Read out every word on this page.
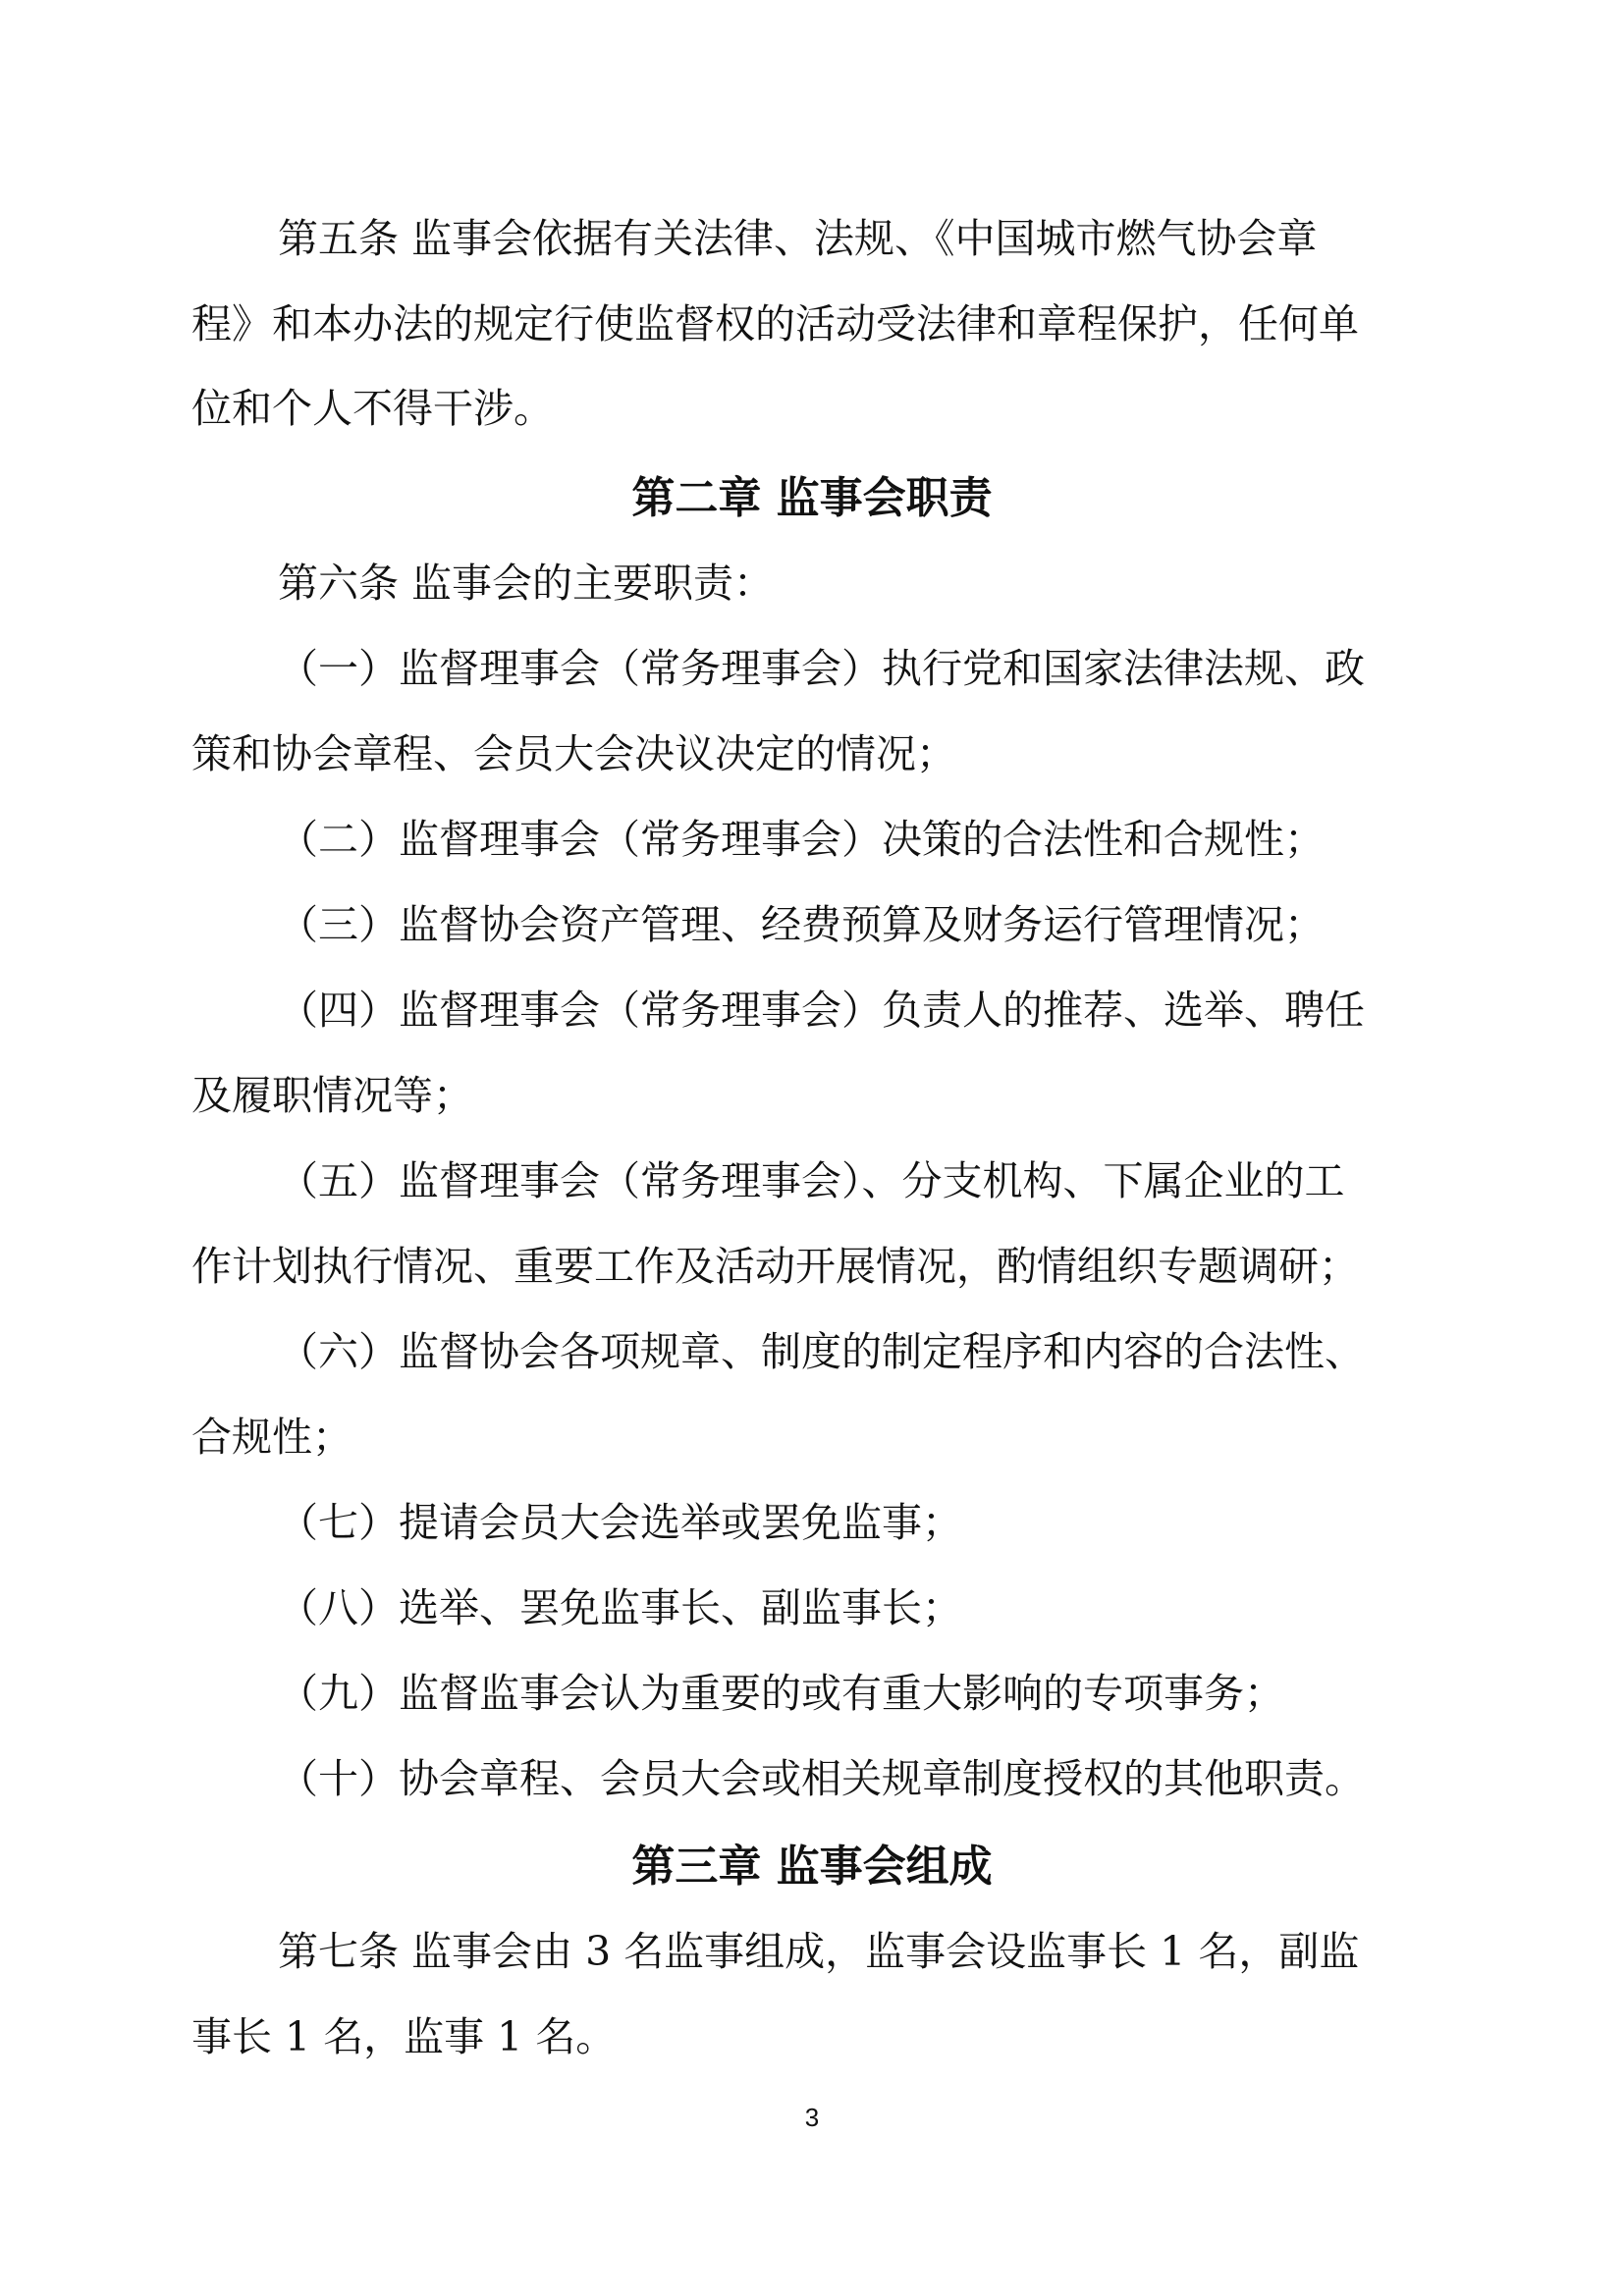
第五条 监事会依据有关法律、法规、《中国城市燃气协会章
程》和本办法的规定行使监督权的活动受法律和章程保护，任何单
位和个人不得干涉。
第二章 监事会职责
第六条 监事会的主要职责：
（一）监督理事会（常务理事会）执行党和国家法律法规、政
策和协会章程、会员大会决议决定的情况；
（二）监督理事会（常务理事会）决策的合法性和合规性；
（三）监督协会资产管理、经费预算及财务运行管理情况；
（四）监督理事会（常务理事会）负责人的推荐、选举、聘任
及履职情况等；
（五）监督理事会（常务理事会）、分支机构、下属企业的工
作计划执行情况、重要工作及活动开展情况，酌情组织专题调研；
（六）监督协会各项规章、制度的制定程序和内容的合法性、
合规性；
（七）提请会员大会选举或罢免监事；
（八）选举、罢免监事长、副监事长；
（九）监督监事会认为重要的或有重大影响的专项事务；
（十）协会章程、会员大会或相关规章制度授权的其他职责。
第三章 监事会组成
第七条 监事会由 3 名监事组成，监事会设监事长 1 名，副监
事长 1 名，监事 1 名。
3
